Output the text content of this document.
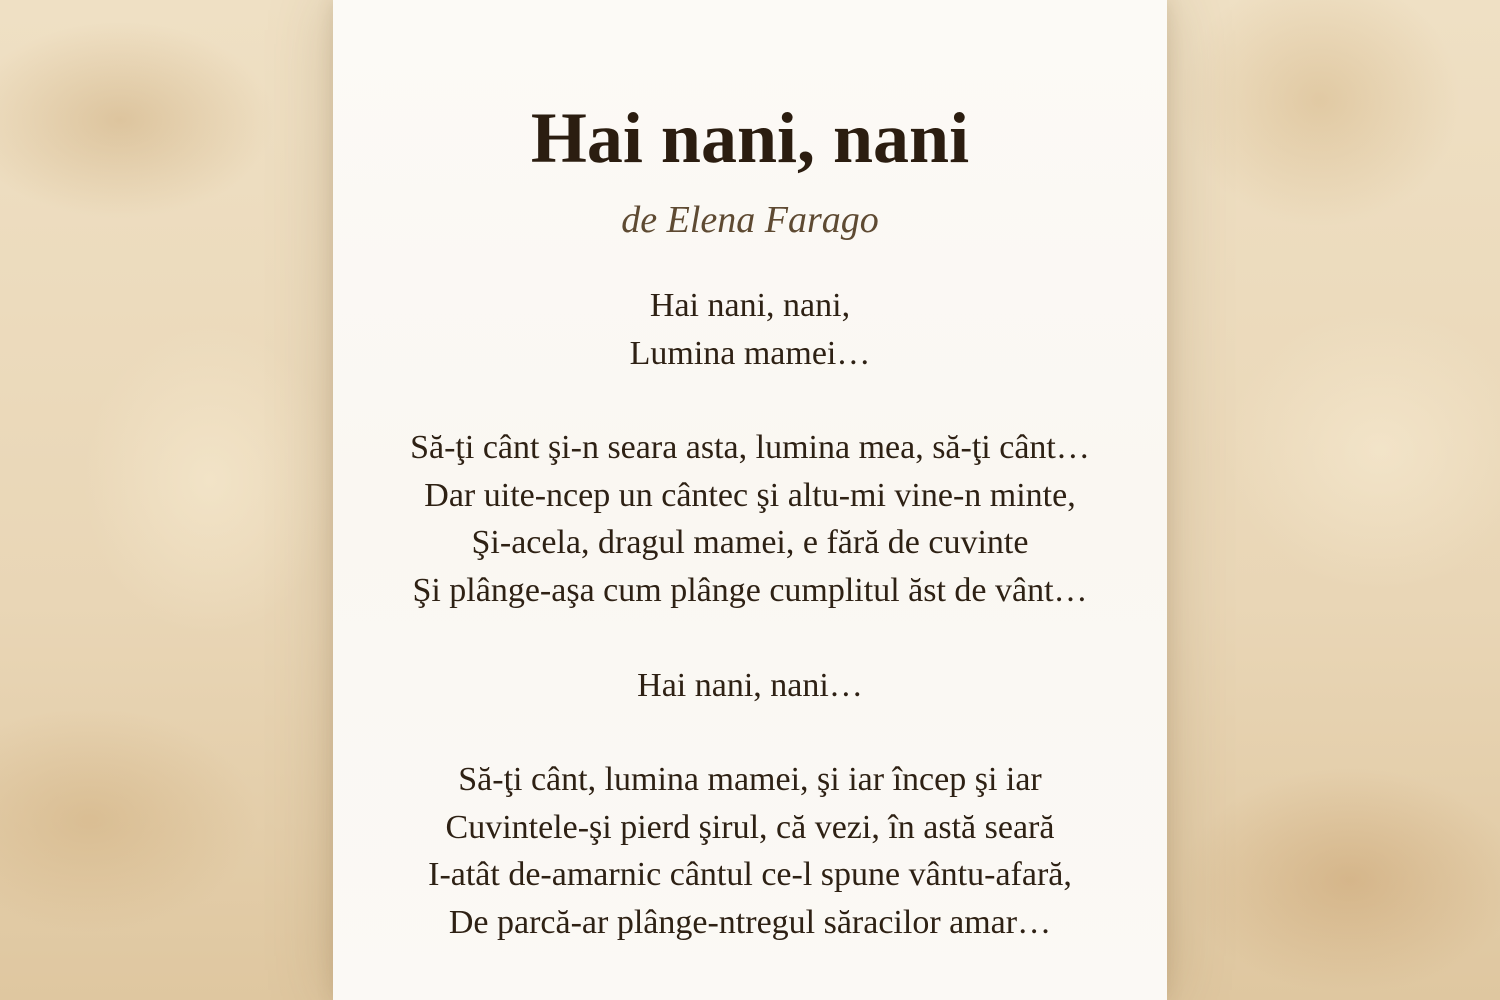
Hai nani, nani

de Elena Farago

Hai nani, nani,
Lumina mamei…
Să-ţi cânt şi-n seara asta, lumina mea, să-ţi cânt…
Dar uite-ncep un cântec şi altu-mi vine-n minte,
Şi-acela, dragul mamei, e fără de cuvinte
Şi plânge-aşa cum plânge cumplitul ăst de vânt…
Hai nani, nani…
Să-ţi cânt, lumina mamei, şi iar încep şi iar
Cuvintele-şi pierd şirul, că vezi, în astă seară
I-atât de-amarnic cântul ce-l spune vântu-afară,
De parcă-ar plânge-ntregul săracilor amar…
